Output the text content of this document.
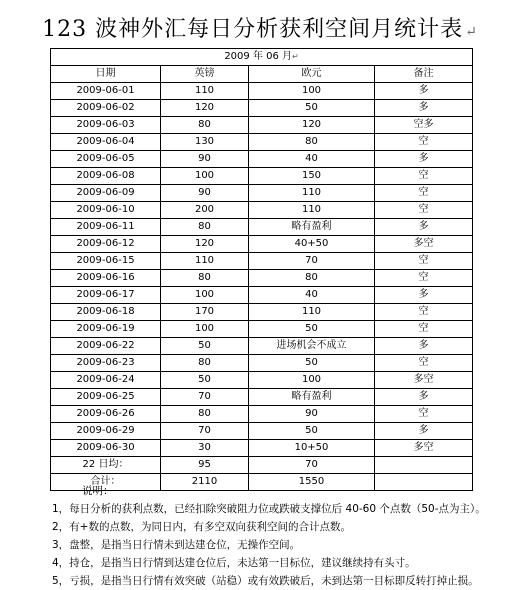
123 波神外汇每日分析获利空间月统计表 ↵
2009 年 06 月↵			
日期	英镑	欧元	备注
2009-06-01	110	100	多
2009-06-02	120	50	多
2009-06-03	80	120	空多
2009-06-04	130	80	空
2009-06-05	90	40	多
2009-06-08	100	150	空
2009-06-09	90	110	空
2009-06-10	200	110	空
2009-06-11	80	略有盈利	多
2009-06-12	120	40+50	多空
2009-06-15	110	70	空
2009-06-16	80	80	空
2009-06-17	100	40	多
2009-06-18	170	110	空
2009-06-19	100	50	空
2009-06-22	50	进场机会不成立	多
2009-06-23	80	50	空
2009-06-24	50	100	多空
2009-06-25	70	略有盈利	多
2009-06-26	80	90	空
2009-06-29	70	50	多
2009-06-30	30	10+50	多空
22 日均：	95	70	
合计：	2110	1550	
说明：
1，每日分析的获利点数，已经扣除突破阻力位或跌破支撑位后 40-60 个点数（50-点为主）。
2，有+数的点数，为同日内，有多空双向获利空间的合计点数。
3，盘整，是指当日行情未到达建仓位，无操作空间。
4，持仓，是指当日行情到达建仓位后，未达第一目标位，建议继续持有头寸。
5，亏损，是指当日行情有效突破（站稳）或有效跌破后，未到达第一目标即反转打掉止损。
